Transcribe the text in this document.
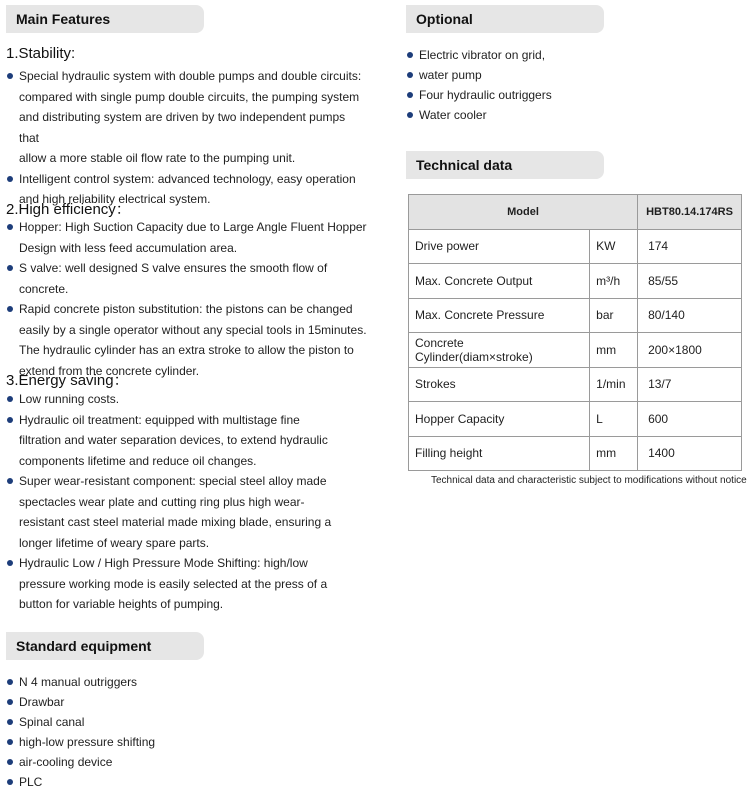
Main Features
1.Stability:
Special hydraulic system with double pumps and double circuits:
compared with single pump double circuits, the pumping system
and distributing system are driven by two independent pumps that
allow a more stable oil flow rate to the pumping unit.
Intelligent control system: advanced technology, easy operation
and high reliability electrical system.
2.High efficiency：
Hopper: High Suction Capacity due to Large Angle Fluent Hopper
Design with less feed accumulation area.
S valve: well designed S valve ensures the smooth flow of concrete.
Rapid concrete piston substitution: the pistons can be changed
easily by a single operator without any special tools in 15minutes.
The hydraulic cylinder has an extra stroke to allow the piston to
extend from the concrete cylinder.
3.Energy saving：
Low running costs.
Hydraulic oil treatment: equipped with multistage fine
filtration and water separation devices, to extend hydraulic
components lifetime and reduce oil changes.
Super wear-resistant component: special steel alloy made
spectacles wear plate and cutting ring plus high wear-
resistant cast steel material made mixing blade, ensuring a
longer lifetime of weary spare parts.
Hydraulic Low / High Pressure Mode Shifting: high/low
pressure working mode is easily selected at the press of a
button for variable heights of pumping.
Standard equipment
N 4 manual outriggers
Drawbar
Spinal canal
high-low pressure shifting
air-cooling device
PLC
Optional
Electric vibrator on grid,
water pump
Four hydraulic outriggers
Water cooler
Technical data
Model		HBT80.14.174RS
Drive power	KW	174
Max. Concrete Output	m³/h	85/55
Max. Concrete Pressure	bar	80/140
Concrete Cylinder(diam×stroke)	mm	200×1800
Strokes	1/min	13/7
Hopper Capacity	L	600
Filling height	mm	1400
Technical data and characteristic subject to modifications without notice
